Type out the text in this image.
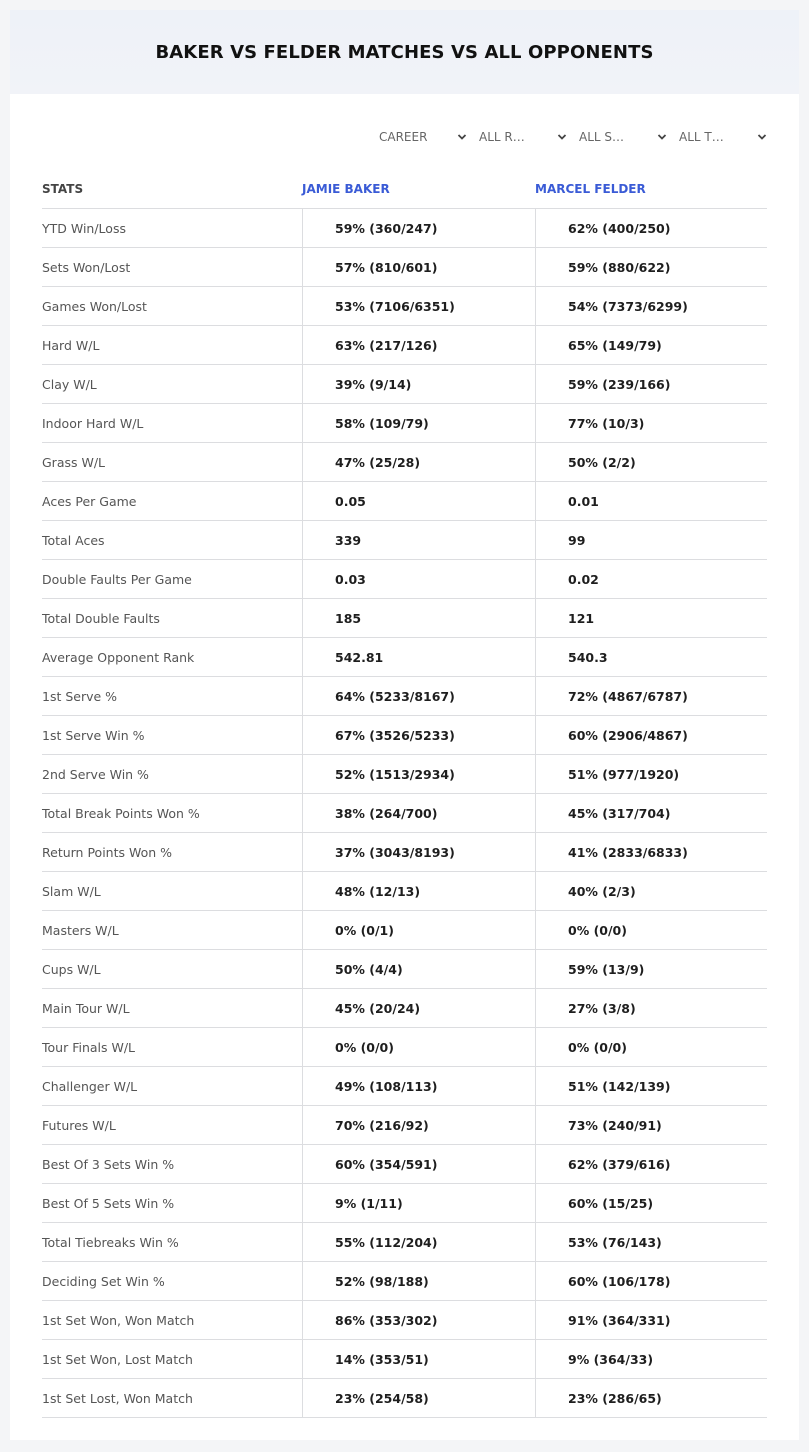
BAKER VS FELDER MATCHES VS ALL OPPONENTS
CAREER	ALL R…	ALL S…	ALL T…
STATS	JAMIE BAKER	MARCEL FELDER
YTD Win/Loss	59% (360/247)	62% (400/250)
Sets Won/Lost	57% (810/601)	59% (880/622)
Games Won/Lost	53% (7106/6351)	54% (7373/6299)
Hard W/L	63% (217/126)	65% (149/79)
Clay W/L	39% (9/14)	59% (239/166)
Indoor Hard W/L	58% (109/79)	77% (10/3)
Grass W/L	47% (25/28)	50% (2/2)
Aces Per Game	0.05	0.01
Total Aces	339	99
Double Faults Per Game	0.03	0.02
Total Double Faults	185	121
Average Opponent Rank	542.81	540.3
1st Serve %	64% (5233/8167)	72% (4867/6787)
1st Serve Win %	67% (3526/5233)	60% (2906/4867)
2nd Serve Win %	52% (1513/2934)	51% (977/1920)
Total Break Points Won %	38% (264/700)	45% (317/704)
Return Points Won %	37% (3043/8193)	41% (2833/6833)
Slam W/L	48% (12/13)	40% (2/3)
Masters W/L	0% (0/1)	0% (0/0)
Cups W/L	50% (4/4)	59% (13/9)
Main Tour W/L	45% (20/24)	27% (3/8)
Tour Finals W/L	0% (0/0)	0% (0/0)
Challenger W/L	49% (108/113)	51% (142/139)
Futures W/L	70% (216/92)	73% (240/91)
Best Of 3 Sets Win %	60% (354/591)	62% (379/616)
Best Of 5 Sets Win %	9% (1/11)	60% (15/25)
Total Tiebreaks Win %	55% (112/204)	53% (76/143)
Deciding Set Win %	52% (98/188)	60% (106/178)
1st Set Won, Won Match	86% (353/302)	91% (364/331)
1st Set Won, Lost Match	14% (353/51)	9% (364/33)
1st Set Lost, Won Match	23% (254/58)	23% (286/65)
